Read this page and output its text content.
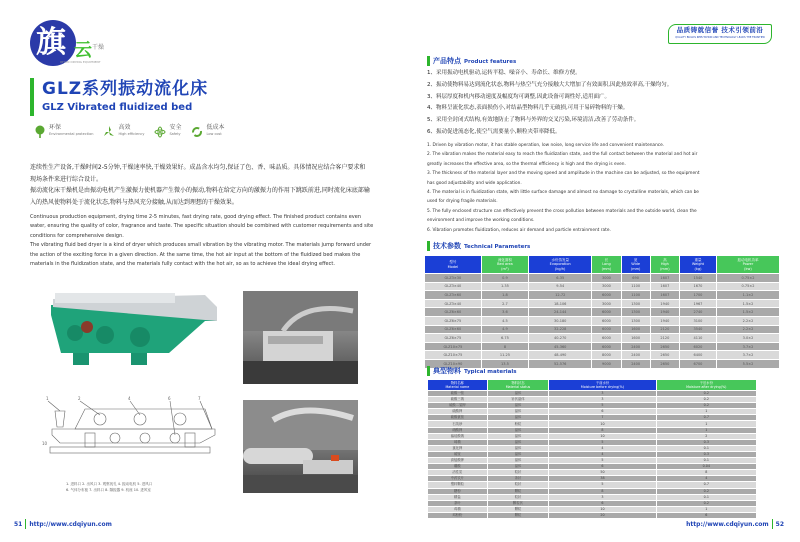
旗 云 干燥
QIYUN DRYING EQUIPMENT
GLZ系列振动流化床
GLZ Vibrated fluidized bed
环保
Environmental protection
高效
High efficiency
安全
Safety
低成本
Low cost

连续性生产设备,干燥时间2-5分钟,干燥速率快,干燥效果好。成品含水均匀,保证了色、香、味品质。具体情况应结合客户要求和现场条件来进行综合设计。

振动流化床干燥机是由振动电机产生激振力使机器产生微小的振动,物料在给定方向的激振力的作用下跳跃前进,同时流化床底部输入的热风使物料处于流化状态,物料与热风充分接触,从而达到理想的干燥效果。

Continuous production equipment, drying time 2-5 minutes, fast drying rate, good drying effect. The finished product contains even water, ensuring the quality of color, fragrance and taste. The specific situation should be combined with customer requirements and site conditions for comprehensive design.

The vibrating fluid bed dryer is a kind of dryer which produces small vibration by the vibrating motor. The materials jump forward under the action of the exciting force in a given direction. At the same time, the hot air input at the bottom of the fluidized bed makes the materials in the fluidization state, and the materials fully contact with the hot air, so as to achieve the ideal drying effect.

1	2	4	6	7
10
1. 进料口 2. 出风口 3. 观察视孔 4. 振动电机 5. 进风口
6. 气体分布板 7. 出料口 8. 隔振器 9. 机座 10. 进风室
51 http://www.cdqiyun.com
品质铸就信誉 技术引领前沿
QUALITY BUILDS REPUTATION AND TECHNOLOGY LEADS THE FRONTIER
产品特点 Product features
1、采用振动电机驱动,运转平稳、噪音小、寿命长、维修方便。
2、振动使物料易达到流化状态,物料与热空气充分接触大大增加了有效面积,因此热效率高,干燥均匀。
3、料层厚度和机内移动速度及幅度均可调整,因此设备可调性好,适用面广。
4、物料呈流化状态,表面损伤小,对结晶型物料几乎无破损,可用于易碎物料的干燥。
5、采用全封闭式结构,有效地防止了物料与外界的交叉污染,环境清洁,改善了劳动条件。
6、振动促进流态化,使空气需要量小,颗粒夹带率降低。
1. Driven by vibration motor, it has stable operation, low noise, long service life and convenient maintenance.
2. The vibration makes the material easy to reach the fluidization state, and the full contact between the material and hot air
greatly increases the effective area, so the thermal efficiency is high and the drying is even.
3. The thickness of the material layer and the moving speed and amplitude in the machine can be adjusted, so the equipment
has good adjustability and wide application.
4. The material is in fluidization state, with little surface damage and almost no damage to crystalline materials, which can be
used for drying fragile materials.
5. The fully enclosed structure can effectively prevent the cross pollution between materials and the outside world, clean the
environment and improve the working conditions.
6. Vibration promotes fluidization, reduces air demand and particle entrainment rate.
技术参数 Technical Parameters
型号
Model

流化面积
Bed area
(m²)

水份蒸发量
Evaporation
(kg/h)

长
Long
(mm)

宽
Wide
(mm)

高
High
(mm)

重量
Weight
(kg)

振动电机功率
Power
(kw)

GLZ3×30	0.9	6-35	3000	690	1607	1540	0.75×2
GLZ3×40	1.35	9-54	3000	1100	1607	1670	0.75×2
GLZ3×60	1.8	12-72	6000	1100	1607	1700	1.1×2
GLZ3×40	2.7	18-106	3000	1300	1940	1967	1.5×2
GLZ6×60	3.6	24-144	6000	1300	1940	2740	1.5×2
GLZ6×75	4.5	30-180	6000	1300	1940	3100	2.2×2
GLZ6×60	4.9	32-228	6000	1600	2120	3540	2.2×2
GLZ6×75	6.75	40-270	6000	1600	2120	4110	3.0×2
GLZ10×75	8	45-360	6000	2400	2650	6020	3.7×2
GLZ10×75	11.25	48-490	8000	2400	2650	6400	3.7×2
GLZ10×90	13.5	52-576	9000	2400	2650	6700	5.5×2
典型物料 Typical materials
物料名称
Material name

物料状态
Material status

干前水份
Moisture before drying(%)

干后水份
Moisture after drying(%)

硫酸一铵	晶体	3	0.2
硫酸三钠	针状晶体	3	0.2
硫酸二氢钾	晶体	5	0.2
硫酸钾	晶体	6	1
硫酸氨铵	晶体	7	0.7
石英砂	粉粒	10	1
硝酸钾	晶体	8	1
偏硅酸钠	晶体	10	2
味精	晶体	5	0.3
氯化钾	晶体	4	0.1
硫铵	晶体	4	0.3
高锰酸钾	晶体	5	0.1
硼酸	晶体	6	0.04
活性炭	粒状	50	8
中药饮片	条状	38	4
塑料颗粒	粒状	5	0.7
糖粉	颗粒	8	0.2
精盐	粒状	3	0.1
茶叶	颗粒状	6	0.2
鸡精	颗粒	10	1
鸡粉粉	颗粒	20	6
http://www.cdqiyun.com 52
